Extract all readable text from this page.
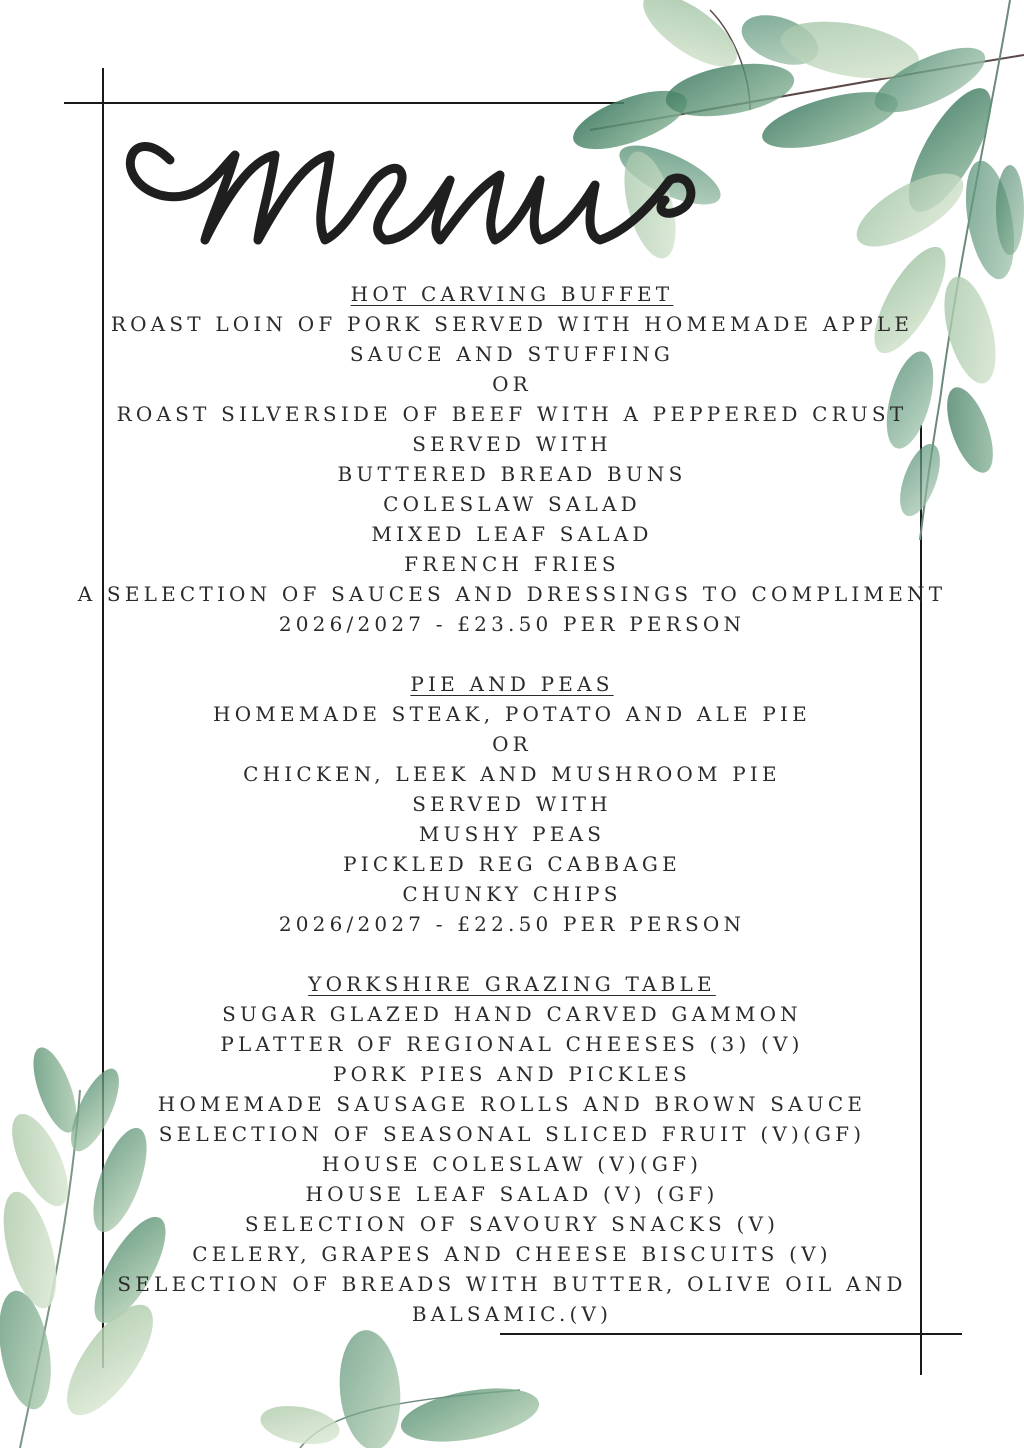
HOT CARVING BUFFET
ROAST LOIN OF PORK SERVED WITH HOMEMADE APPLE
SAUCE AND STUFFING
OR
ROAST SILVERSIDE OF BEEF WITH A PEPPERED CRUST
SERVED WITH
BUTTERED BREAD BUNS
COLESLAW SALAD
MIXED LEAF SALAD
FRENCH FRIES
A SELECTION OF SAUCES AND DRESSINGS TO COMPLIMENT
2026/2027 - £23.50 PER PERSON
PIE AND PEAS
HOMEMADE STEAK, POTATO AND ALE PIE
OR
CHICKEN, LEEK AND MUSHROOM PIE
SERVED WITH
MUSHY PEAS
PICKLED REG CABBAGE
CHUNKY CHIPS
2026/2027 - £22.50 PER PERSON
YORKSHIRE GRAZING TABLE
SUGAR GLAZED HAND CARVED GAMMON
PLATTER OF REGIONAL CHEESES (3) (V)
PORK PIES AND PICKLES
HOMEMADE SAUSAGE ROLLS AND BROWN SAUCE
SELECTION OF SEASONAL SLICED FRUIT (V)(GF)
HOUSE COLESLAW (V)(GF)
HOUSE LEAF SALAD (V) (GF)
SELECTION OF SAVOURY SNACKS (V)
CELERY, GRAPES AND CHEESE BISCUITS (V)
SELECTION OF BREADS WITH BUTTER, OLIVE OIL AND
BALSAMIC.(V)
